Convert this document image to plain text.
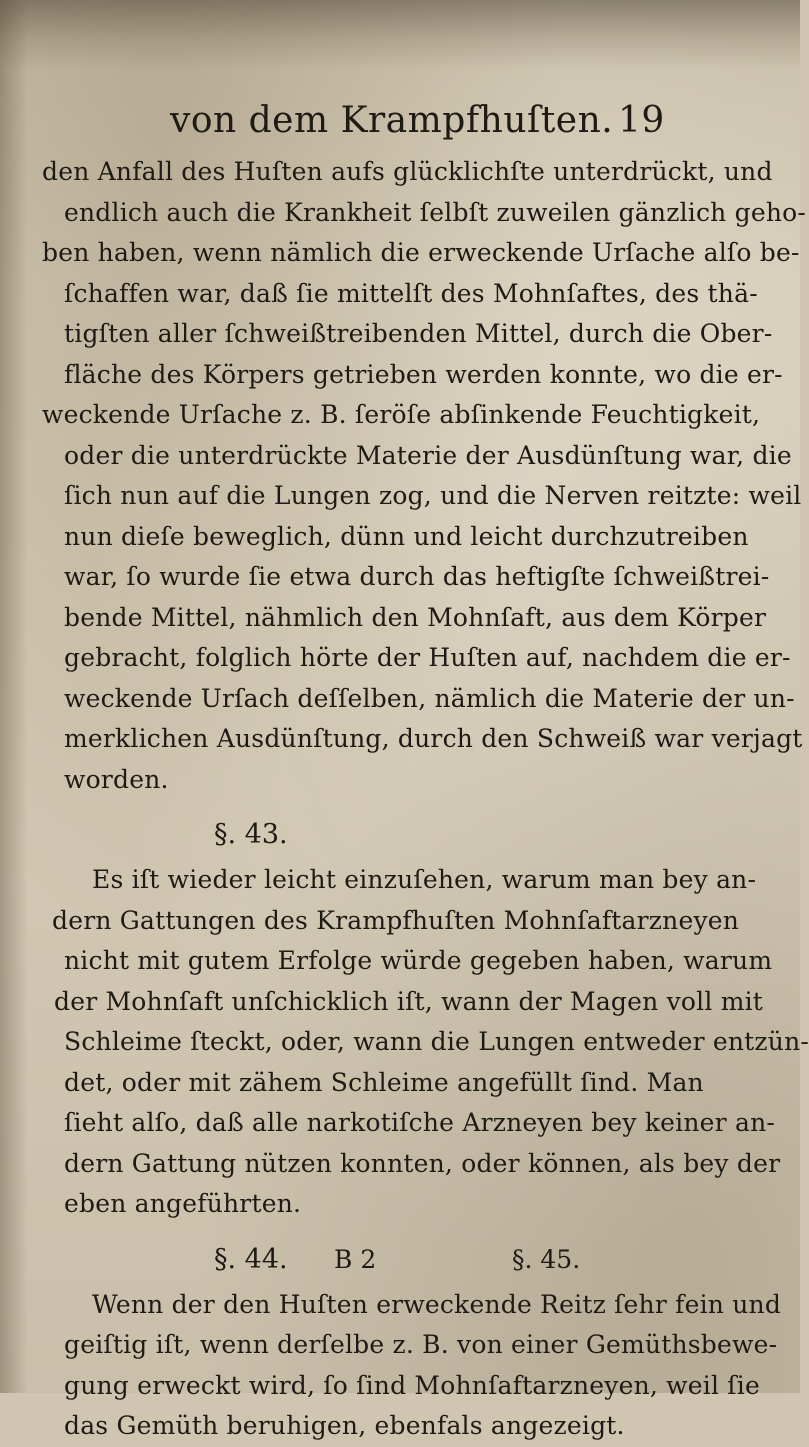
von dem Krampfhuſten. 19
den Anfall des Huſten aufs glücklichſte unterdrückt, und
endlich auch die Krankheit ſelbſt zuweilen gänzlich geho-
ben haben, wenn nämlich die erweckende Urſache alſo be-
ſchaffen war, daß ſie mittelſt des Mohnſaftes, des thä-
tigſten aller ſchweißtreibenden Mittel, durch die Ober-
fläche des Körpers getrieben werden konnte, wo die er-
weckende Urſache z. B. ſeröſe abſinkende Feuchtigkeit,
oder die unterdrückte Materie der Ausdünſtung war, die
ſich nun auf die Lungen zog, und die Nerven reitzte: weil
nun dieſe beweglich, dünn und leicht durchzutreiben
war, ſo wurde ſie etwa durch das heftigſte ſchweißtrei-
bende Mittel, nähmlich den Mohnſaft, aus dem Körper
gebracht, folglich hörte der Huſten auf, nachdem die er-
weckende Urſach deſſelben, nämlich die Materie der un-
merklichen Ausdünſtung, durch den Schweiß war verjagt
worden.
§. 43.
Es iſt wieder leicht einzuſehen, warum man bey an-
dern Gattungen des Krampfhuſten Mohnſaftarzneyen
nicht mit gutem Erfolge würde gegeben haben, warum
der Mohnſaft unſchicklich iſt, wann der Magen voll mit
Schleime ſteckt, oder, wann die Lungen entweder entzün-
det, oder mit zähem Schleime angefüllt ſind. Man
ſieht alſo, daß alle narkotiſche Arzneyen bey keiner an-
dern Gattung nützen konnten, oder können, als bey der
eben angeführten.
§. 44.
Wenn der den Huſten erweckende Reitz ſehr fein und
geiſtig iſt, wenn derſelbe z. B. von einer Gemüthsbewe-
gung erweckt wird, ſo ſind Mohnſaftarzneyen, weil ſie
das Gemüth beruhigen, ebenfals angezeigt.
B 2	§. 45.
